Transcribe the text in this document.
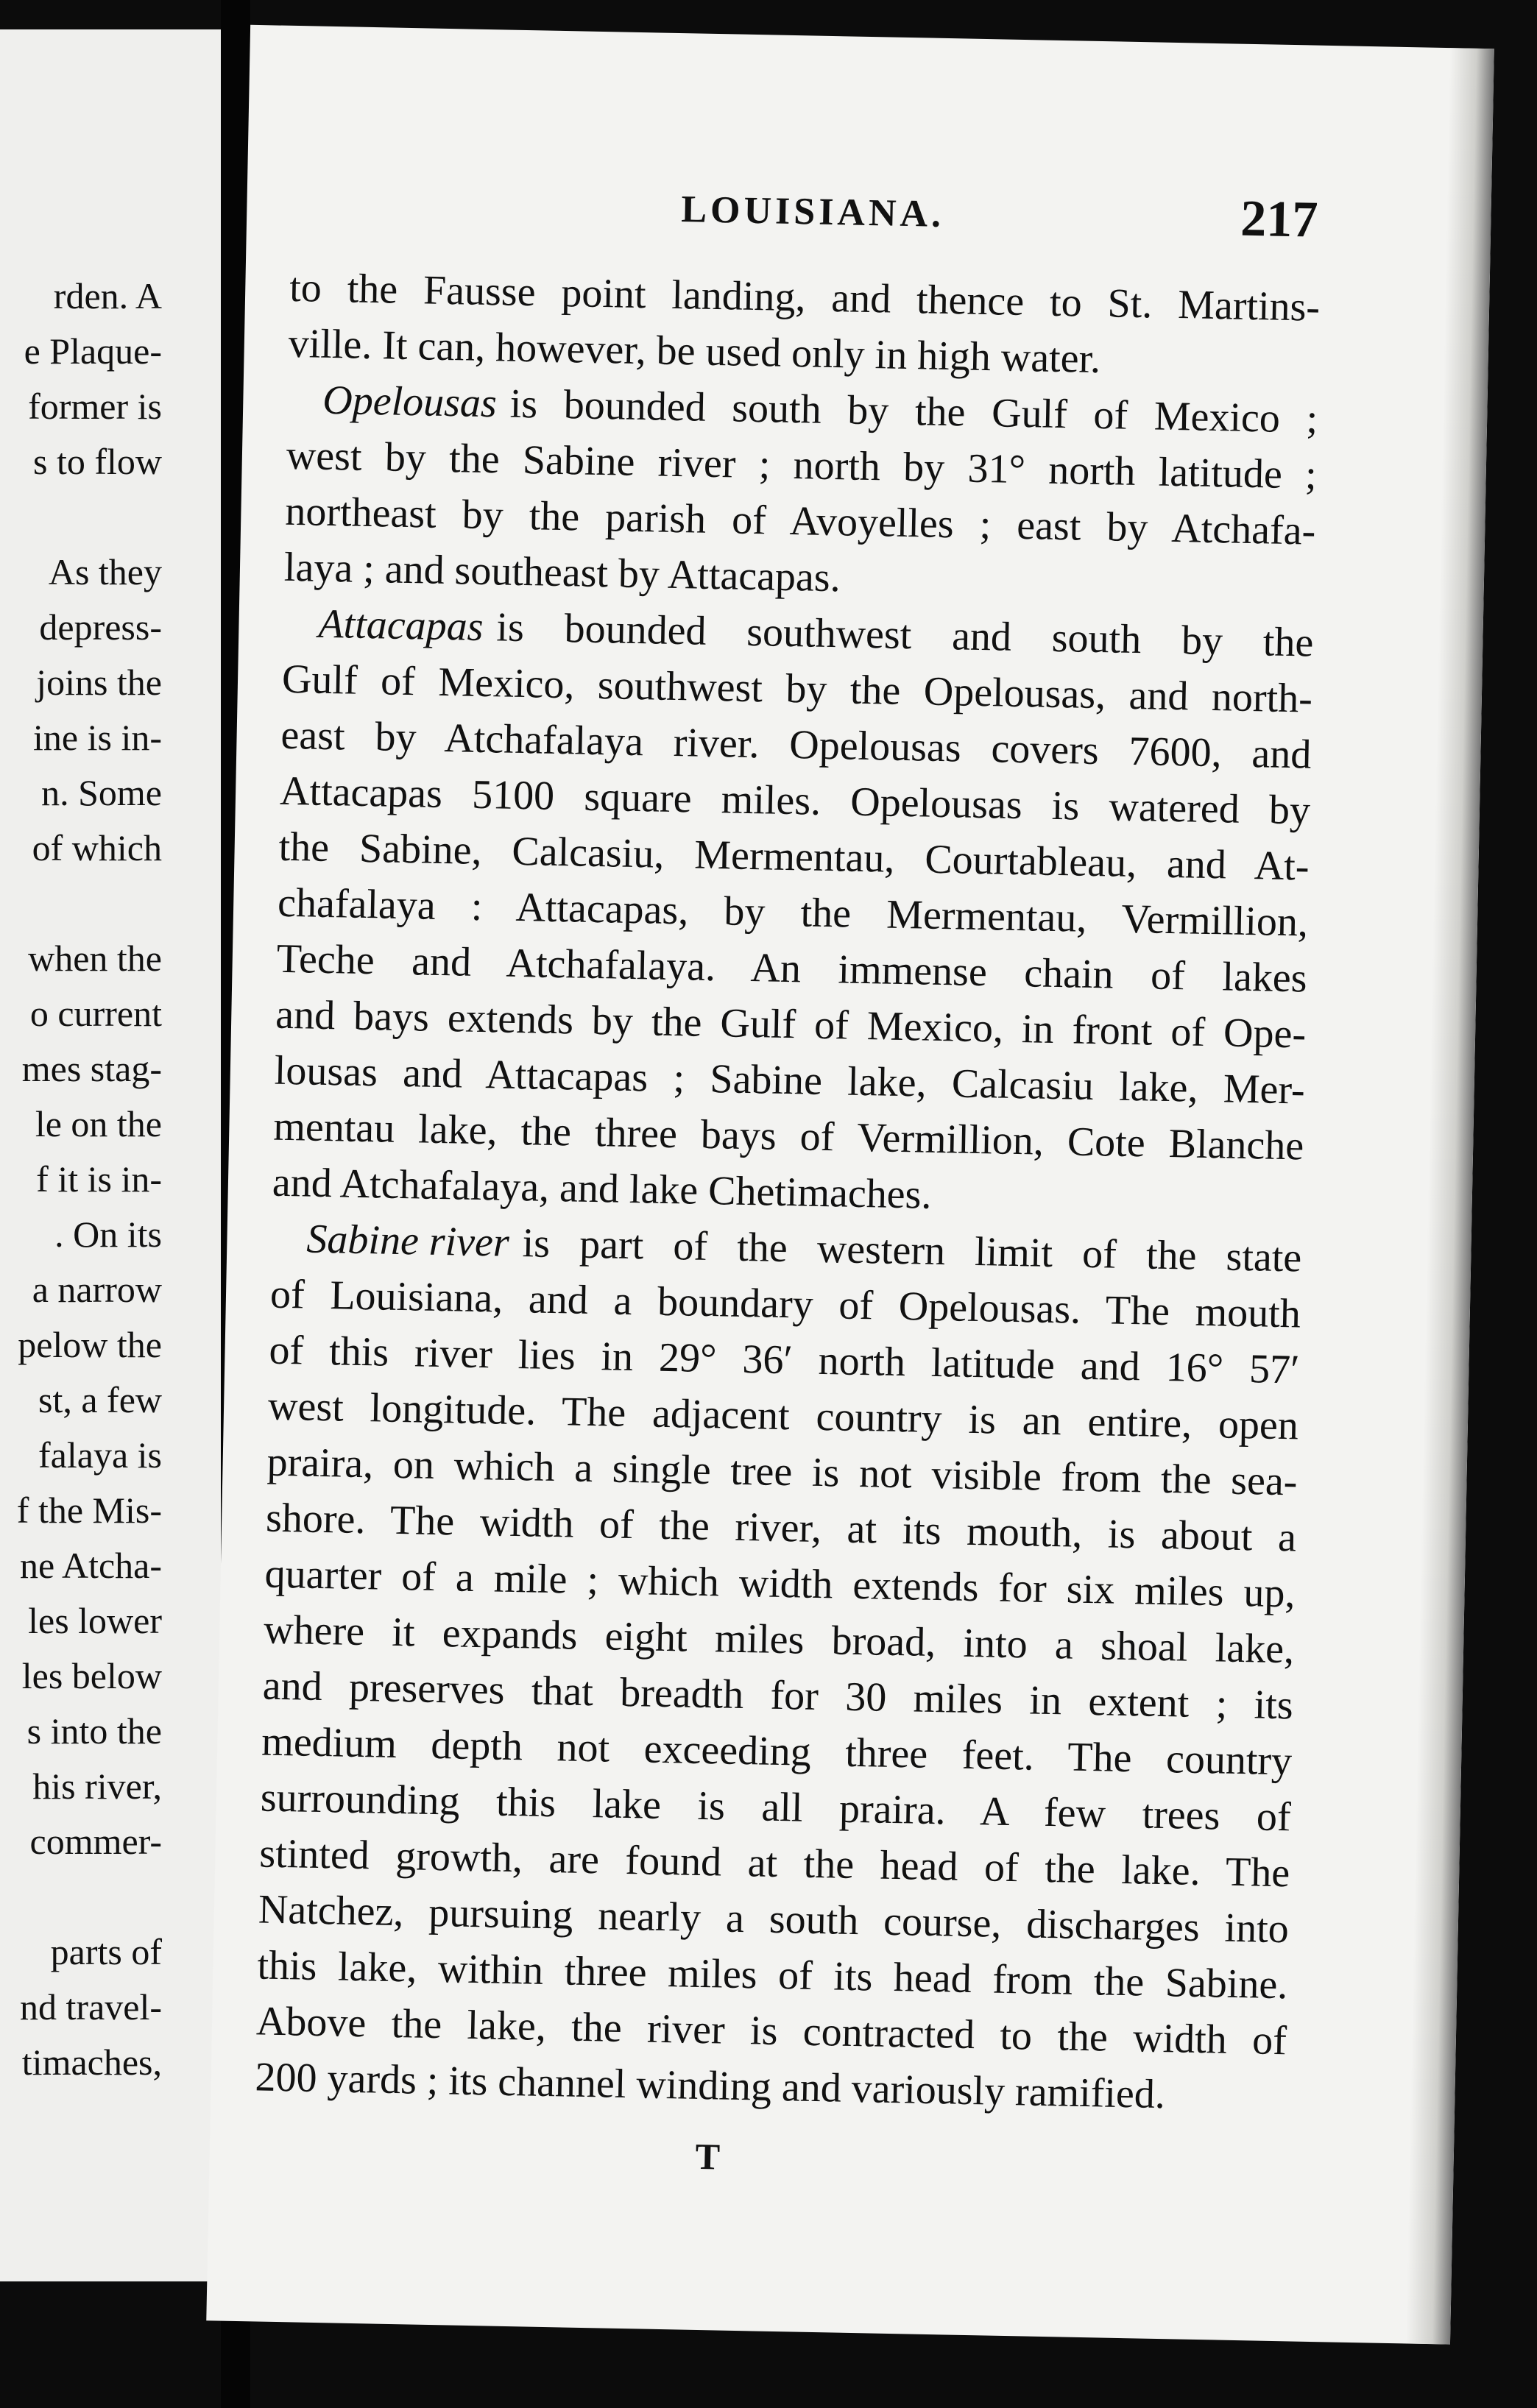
rden. A
e Plaque-
former is
s to flow
As they
depress-
joins the
ine is in-
n. Some
of which
when the
o current
mes stag-
le on the
f it is in-
. On its
a narrow
pelow the
st, a few
falaya is
f the Mis-
ne Atcha-
les lower
les below
s into the
his river,
commer-
parts of
nd travel-
timaches,
LOUISIANA.	217
to the Fausse point landing, and thence to St. Martins-
ville. It can, however, be used only in high water.
Opelousas is bounded south by the Gulf of Mexico ;
west by the Sabine river ; north by 31° north latitude ;
northeast by the parish of Avoyelles ; east by Atchafa-
laya ; and southeast by Attacapas.
Attacapas is bounded southwest and south by the
Gulf of Mexico, southwest by the Opelousas, and north-
east by Atchafalaya river. Opelousas covers 7600, and
Attacapas 5100 square miles. Opelousas is watered by
the Sabine, Calcasiu, Mermentau, Courtableau, and At-
chafalaya : Attacapas, by the Mermentau, Vermillion,
Teche and Atchafalaya. An immense chain of lakes
and bays extends by the Gulf of Mexico, in front of Ope-
lousas and Attacapas ; Sabine lake, Calcasiu lake, Mer-
mentau lake, the three bays of Vermillion, Cote Blanche
and Atchafalaya, and lake Chetimaches.
Sabine river is part of the western limit of the state
of Louisiana, and a boundary of Opelousas. The mouth
of this river lies in 29° 36′ north latitude and 16° 57′
west longitude. The adjacent country is an entire, open
praira, on which a single tree is not visible from the sea-
shore. The width of the river, at its mouth, is about a
quarter of a mile ; which width extends for six miles up,
where it expands eight miles broad, into a shoal lake,
and preserves that breadth for 30 miles in extent ; its
medium depth not exceeding three feet. The country
surrounding this lake is all praira. A few trees of
stinted growth, are found at the head of the lake. The
Natchez, pursuing nearly a south course, discharges into
this lake, within three miles of its head from the Sabine.
Above the lake, the river is contracted to the width of
200 yards ; its channel winding and variously ramified.
T
